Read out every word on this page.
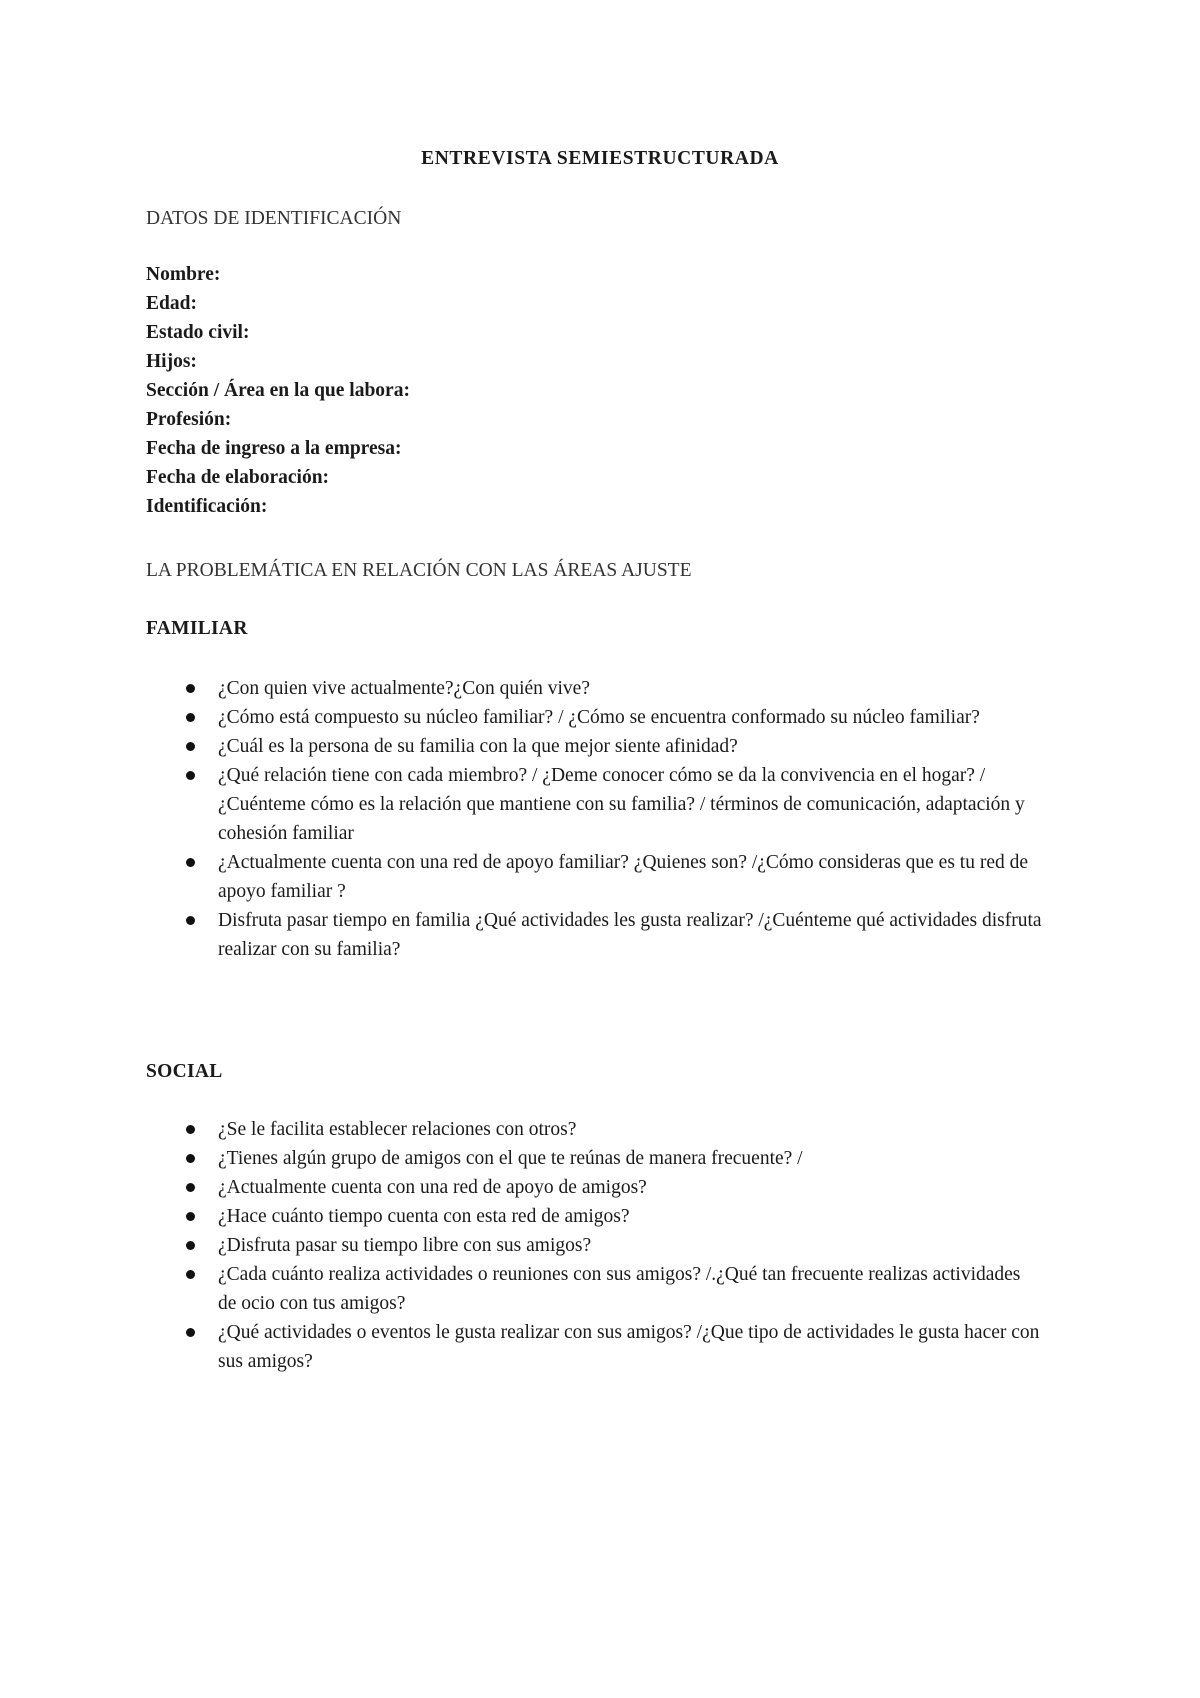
ENTREVISTA SEMIESTRUCTURADA
DATOS DE IDENTIFICACIÓN
Nombre:
Edad:
Estado civil:
Hijos:
Sección / Área en la que labora:
Profesión:
Fecha de ingreso a la empresa:
Fecha de elaboración:
Identificación:
LA PROBLEMÁTICA EN RELACIÓN CON LAS ÁREAS AJUSTE
FAMILIAR
¿Con quien vive actualmente?¿Con quién vive?
¿Cómo está compuesto su núcleo familiar? / ¿Cómo se encuentra conformado su núcleo familiar?
¿Cuál es la persona de su familia con la que mejor siente afinidad?
¿Qué relación tiene con cada miembro? / ¿Deme conocer cómo se da la convivencia en el hogar? / ¿Cuénteme cómo es la relación que mantiene con su familia? / términos de comunicación, adaptación y cohesión familiar
¿Actualmente cuenta con una red de apoyo familiar? ¿Quienes son? /¿Cómo consideras que es tu red de apoyo familiar ?
Disfruta pasar tiempo en familia ¿Qué actividades les gusta realizar? /¿Cuénteme qué actividades disfruta realizar con su familia?
SOCIAL
¿Se le facilita establecer relaciones con otros?
¿Tienes algún grupo de amigos con el que te reúnas de manera frecuente? /
¿Actualmente cuenta con una red de apoyo de amigos?
¿Hace cuánto tiempo cuenta con esta red de amigos?
¿Disfruta pasar su tiempo libre con sus amigos?
¿Cada cuánto realiza actividades o reuniones con sus amigos? /.¿Qué tan frecuente realizas actividades de ocio con tus amigos?
¿Qué actividades o eventos le gusta realizar con sus amigos? /¿Que tipo de actividades le gusta hacer con sus amigos?
